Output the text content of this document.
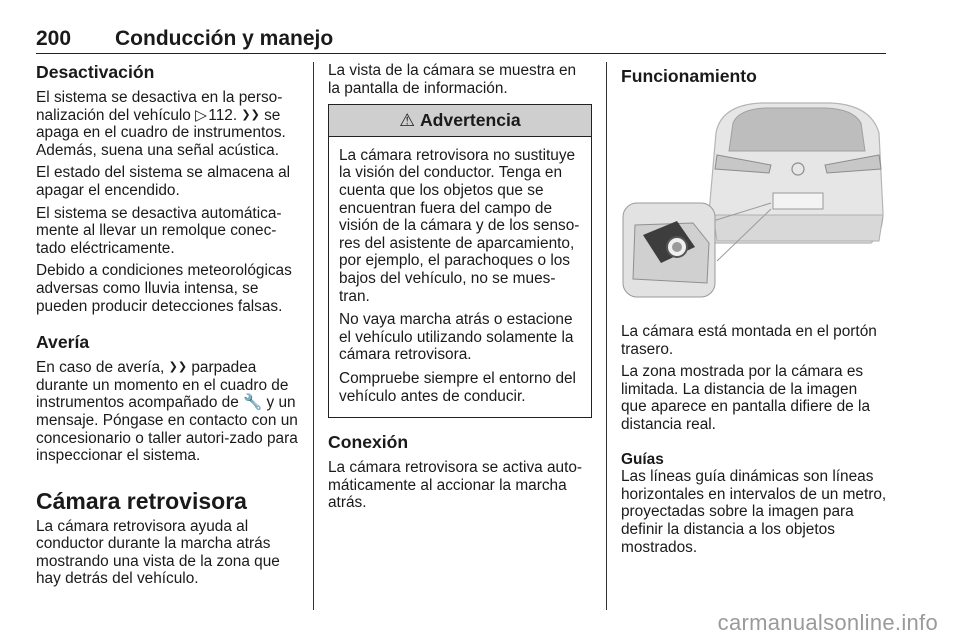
200 Conducción y manejo
Desactivación

El sistema se desactiva en la perso-nalización del vehículo ▷ 112. ❯❯ se apaga en el cuadro de instrumentos. Además, suena una señal acústica.

El estado del sistema se almacena al apagar el encendido.

El sistema se desactiva automática-mente al llevar un remolque conec-tado eléctricamente.

Debido a condiciones meteorológicas adversas como lluvia intensa, se pueden producir detecciones falsas.

Avería

En caso de avería, ❯❯ parpadea durante un momento en el cuadro de instrumentos acompañado de 🔧 y un mensaje. Póngase en contacto con un concesionario o taller autori-zado para inspeccionar el sistema.

Cámara retrovisora

La cámara retrovisora ayuda al conductor durante la marcha atrás mostrando una vista de la zona que hay detrás del vehículo.

La vista de la cámara se muestra en la pantalla de información.

⚠ Advertencia

La cámara retrovisora no sustituye la visión del conductor. Tenga en cuenta que los objetos que se encuentran fuera del campo de visión de la cámara y de los senso-res del asistente de aparcamiento, por ejemplo, el parachoques o los bajos del vehículo, no se mues-tran.

No vaya marcha atrás o estacione el vehículo utilizando solamente la cámara retrovisora.

Compruebe siempre el entorno del vehículo antes de conducir.

Conexión

La cámara retrovisora se activa auto-máticamente al accionar la marcha atrás.

Funcionamiento

La cámara está montada en el portón trasero.

La zona mostrada por la cámara es limitada. La distancia de la imagen que aparece en pantalla difiere de la distancia real.

Guías

Las líneas guía dinámicas son líneas horizontales en intervalos de un metro, proyectadas sobre la imagen para definir la distancia a los objetos mostrados.

carmanualsonline.info
